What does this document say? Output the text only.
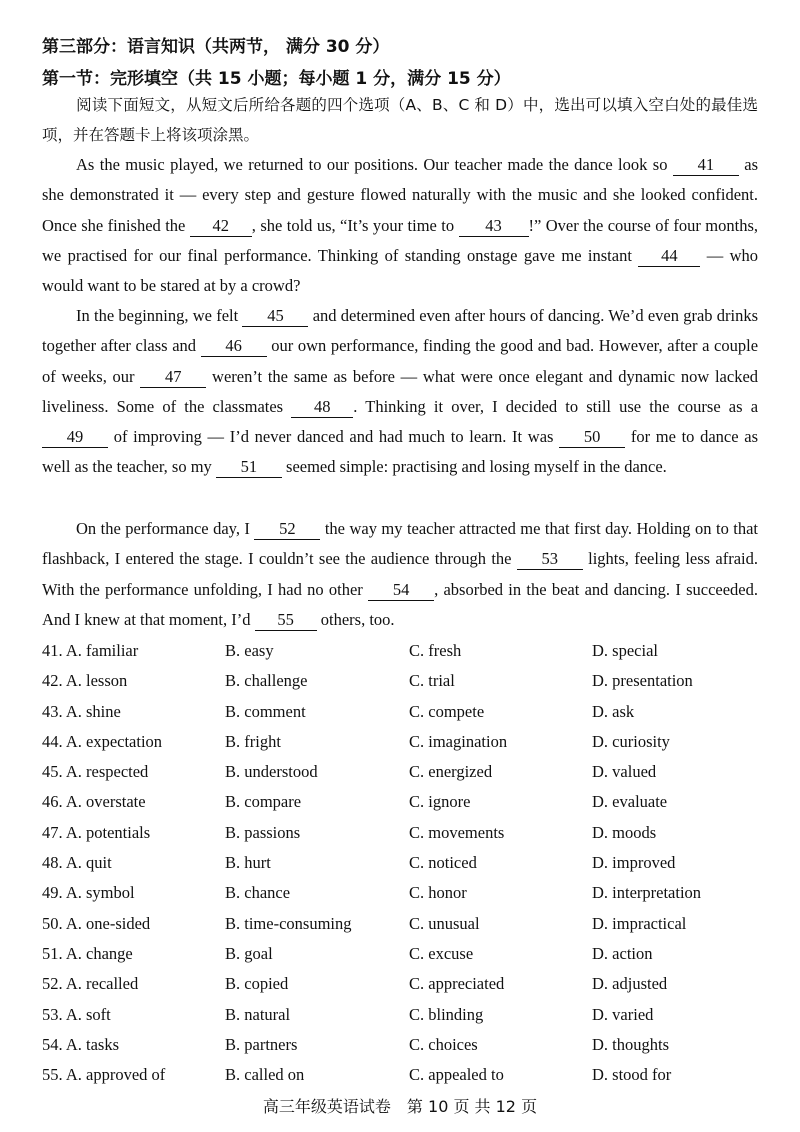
第三部分：语言知识（共两节， 满分 30 分）
第一节：完形填空（共 15 小题；每小题 1 分，满分 15 分）
阅读下面短文，从短文后所给各题的四个选项（A、B、C 和 D）中，选出可以填入空白处的最佳选项，并在答题卡上将该项涂黑。
As the music played, we returned to our positions. Our teacher made the dance look so 41 as she demonstrated it — every step and gesture flowed naturally with the music and she looked confident. Once she finished the 42 , she told us, “It’s your time to 43 !” Over the course of four months, we practised for our final performance. Thinking of standing onstage gave me instant 44 — who would want to be stared at by a crowd?
In the beginning, we felt 45 and determined even after hours of dancing. We’d even grab drinks together after class and 46 our own performance, finding the good and bad. However, after a couple of weeks, our 47 weren’t the same as before — what were once elegant and dynamic now lacked liveliness. Some of the classmates 48 . Thinking it over, I decided to still use the course as a 49 of improving — I’d never danced and had much to learn. It was 50 for me to dance as well as the teacher, so my 51 seemed simple: practising and losing myself in the dance.
On the performance day, I 52 the way my teacher attracted me that first day. Holding on to that flashback, I entered the stage. I couldn’t see the audience through the 53 lights, feeling less afraid. With the performance unfolding, I had no other 54 , absorbed in the beat and dancing. I succeeded. And I knew at that moment, I’d 55 others, too.
41. A. familiar	B. easy	C. fresh	D. special
42. A. lesson	B. challenge	C. trial	D. presentation
43. A. shine	B. comment	C. compete	D. ask
44. A. expectation	B. fright	C. imagination	D. curiosity
45. A. respected	B. understood	C. energized	D. valued
46. A. overstate	B. compare	C. ignore	D. evaluate
47. A. potentials	B. passions	C. movements	D. moods
48. A. quit	B. hurt	C. noticed	D. improved
49. A. symbol	B. chance	C. honor	D. interpretation
50. A. one-sided	B. time-consuming	C. unusual	D. impractical
51. A. change	B. goal	C. excuse	D. action
52. A. recalled	B. copied	C. appreciated	D. adjusted
53. A. soft	B. natural	C. blinding	D. varied
54. A. tasks	B. partners	C. choices	D. thoughts
55. A. approved of	B. called on	C. appealed to	D. stood for
高三年级英语试卷　第 10 页 共 12 页
